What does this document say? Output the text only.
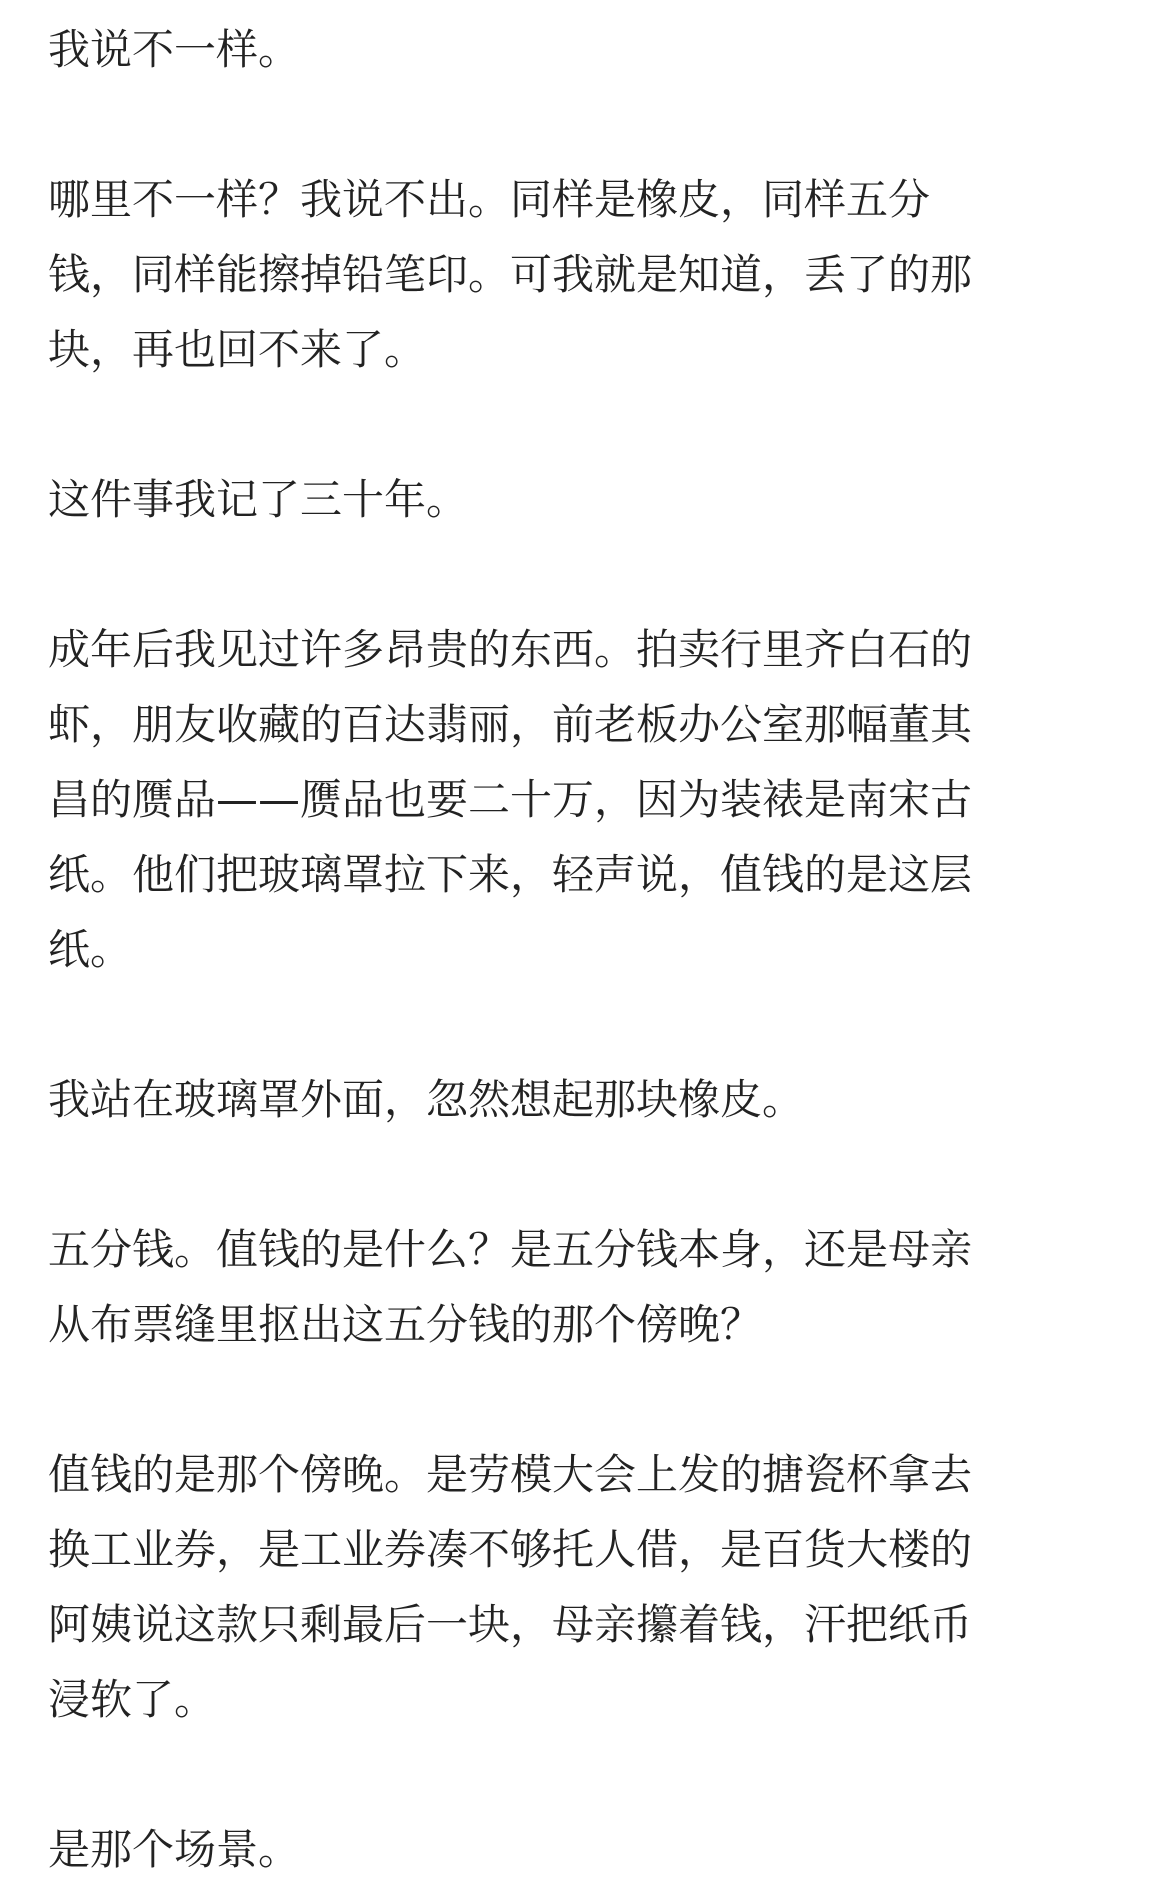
我说不一样。

哪里不一样？我说不出。同样是橡皮，同样五分
钱，同样能擦掉铅笔印。可我就是知道，丢了的那
块，再也回不来了。

这件事我记了三十年。

成年后我见过许多昂贵的东西。拍卖行里齐白石的
虾，朋友收藏的百达翡丽，前老板办公室那幅董其
昌的赝品——赝品也要二十万，因为装裱是南宋古
纸。他们把玻璃罩拉下来，轻声说，值钱的是这层
纸。

我站在玻璃罩外面，忽然想起那块橡皮。

五分钱。值钱的是什么？是五分钱本身，还是母亲
从布票缝里抠出这五分钱的那个傍晚？

值钱的是那个傍晚。是劳模大会上发的搪瓷杯拿去
换工业券，是工业券凑不够托人借，是百货大楼的
阿姨说这款只剩最后一块，母亲攥着钱，汗把纸币
浸软了。

是那个场景。
